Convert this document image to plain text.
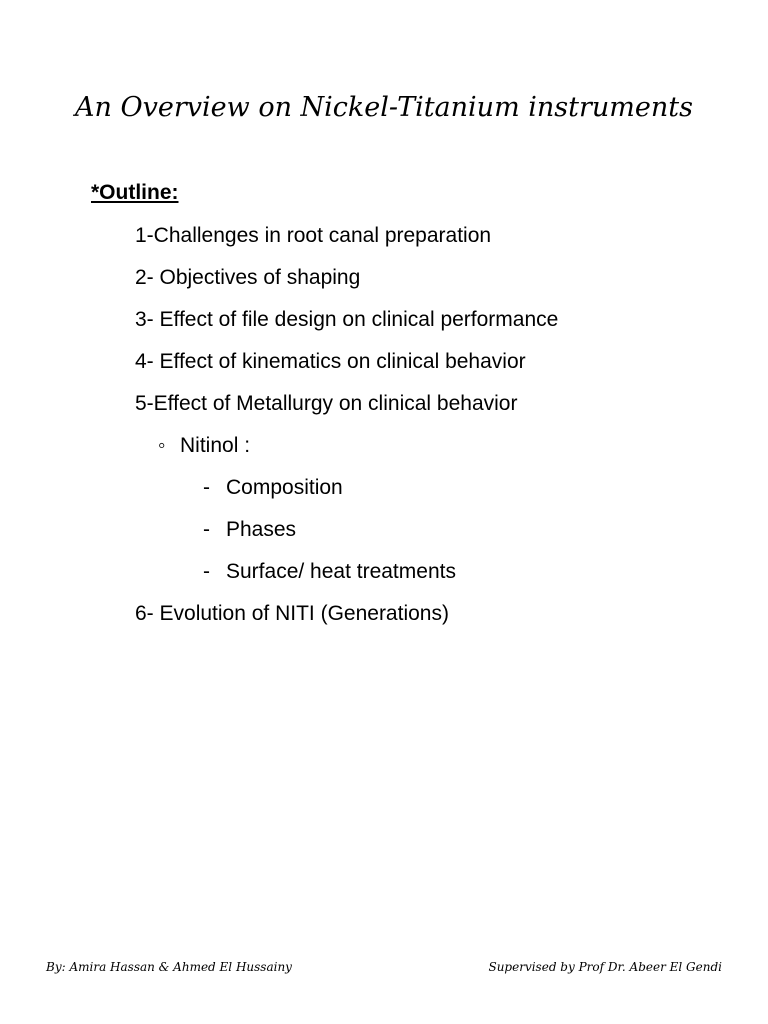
An Overview on Nickel-Titanium instruments
*Outline:
1-Challenges in root canal preparation
2- Objectives of shaping
3- Effect of file design on clinical performance
4- Effect of kinematics on clinical behavior
5-Effect of Metallurgy on clinical behavior
◦ Nitinol :
- Composition
- Phases
- Surface/ heat treatments
6- Evolution of NITI (Generations)
By: Amira Hassan & Ahmed El Hussainy	Supervised by Prof Dr. Abeer El Gendi
